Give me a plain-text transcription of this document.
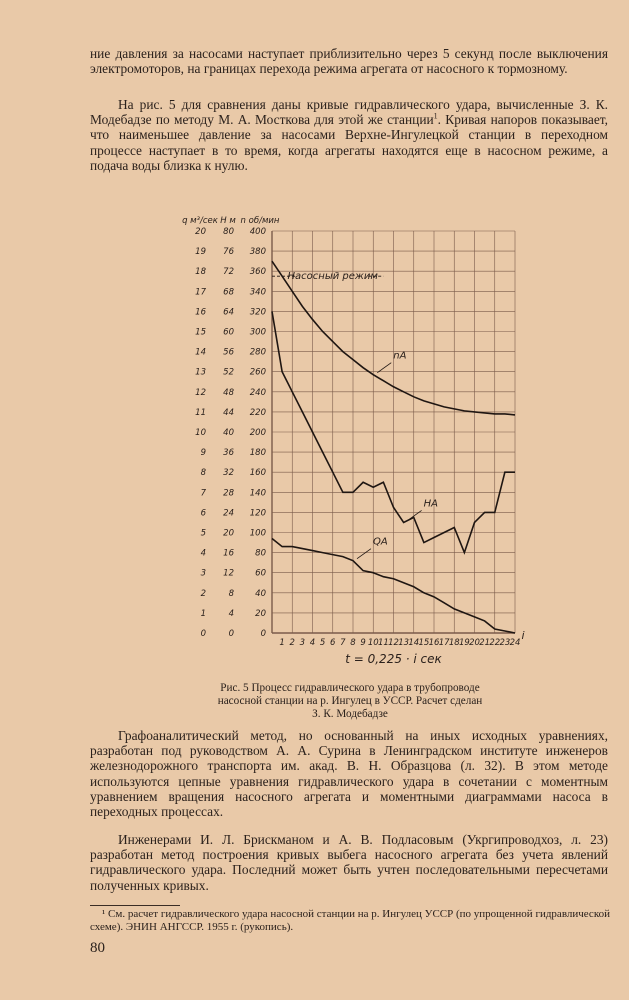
ние давления за насосами наступает приблизительно через 5 секунд после выключения электромоторов, на границах перехода режима агрегата от насосного к тормозному.

На рис. 5 для сравнения даны кривые гидравлического удара, вычисленные З. К. Модебадзе по методу М. А. Мосткова для этой же станции$^1$. Кривая напоров показывает, что наименьшее давление за насосами Верхне-Ингулецкой станции в переходном процессе наступает в то время, когда агрегаты находятся еще в насосном режиме, а подача воды близка к нулю.

0
1
2
3
4
5
6
7
8
9
10
11
12
13
14
15
16
17
18
19
20
q м³/сек
0
4
8
12
16
20
24
28
32
36
40
44
48
52
56
60
64
68
72
76
80
Н м
0
20
40
60
80
100
120
140
160
180
200
220
240
260
280
300
320
340
360
380
400
n об/мин
1 2 3 4 5 6 7 8 9 10 11 12 13 14 15 16 17 18 19 20 21 22 23 24
i
t = 0,225 · i сек
nA
HA
QA
Насосный режим
Рис. 5 Процесс гидравлического удара в трубопроводе
насосной станции на р. Ингулец в УССР. Расчет сделан
З. К. Модебадзе

Графоаналитический метод, но основанный на иных исходных уравнениях, разработан под руководством А. А. Сурина в Ленинградском институте инженеров железнодорожного транспорта им. акад. В. Н. Образцова (л. 32). В этом методе используются цепные уравнения гидравлического удара в сочетании с моментным уравнением вращения насосного агрегата и моментными диаграммами насоса в переходных процессах.

Инженерами И. Л. Брискманом и А. В. Подласовым (Укргипроводхоз, л. 23) разработан метод построения кривых выбега насосного агрегата без учета явлений гидравлического удара. Последний может быть учтен последовательными пересчетами полученных кривых.

¹ См. расчет гидравлического удара насосной станции на р. Ингулец УССР (по упрощенной гидравлической схеме). ЭНИН АНГССР. 1955 г. (рукопись).
80
